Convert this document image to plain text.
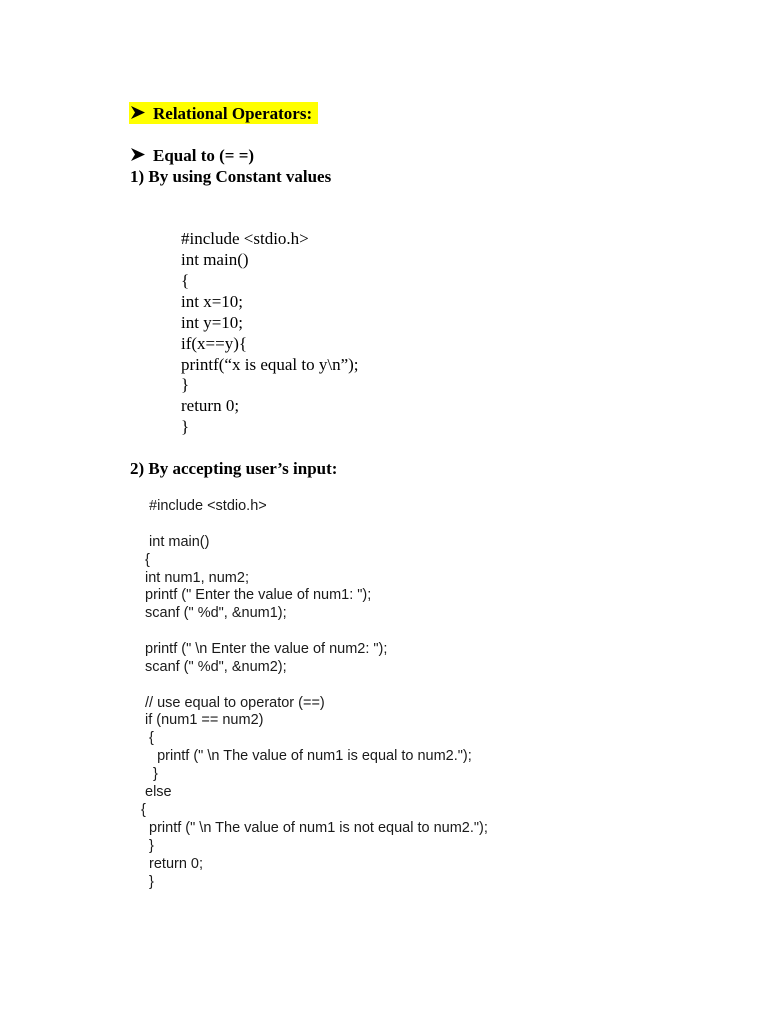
Relational Operators:
Equal to (= =)
1) By using Constant values
#include <stdio.h>
int main()
{
int x=10;
int y=10;
if(x==y){
printf(“x is equal to y\n”);
}
return 0;
}
2) By accepting user’s input:
#include <stdio.h>
int main()
{
int num1, num2;
printf (" Enter the value of num1: ");
scanf (" %d", &num1);
printf (" \n Enter the value of num2: ");
scanf (" %d", &num2);
// use equal to operator (==)
if (num1 == num2)
{
printf (" \n The value of num1 is equal to num2.");
}
else
{
printf (" \n The value of num1 is not equal to num2.");
}
return 0;
}
